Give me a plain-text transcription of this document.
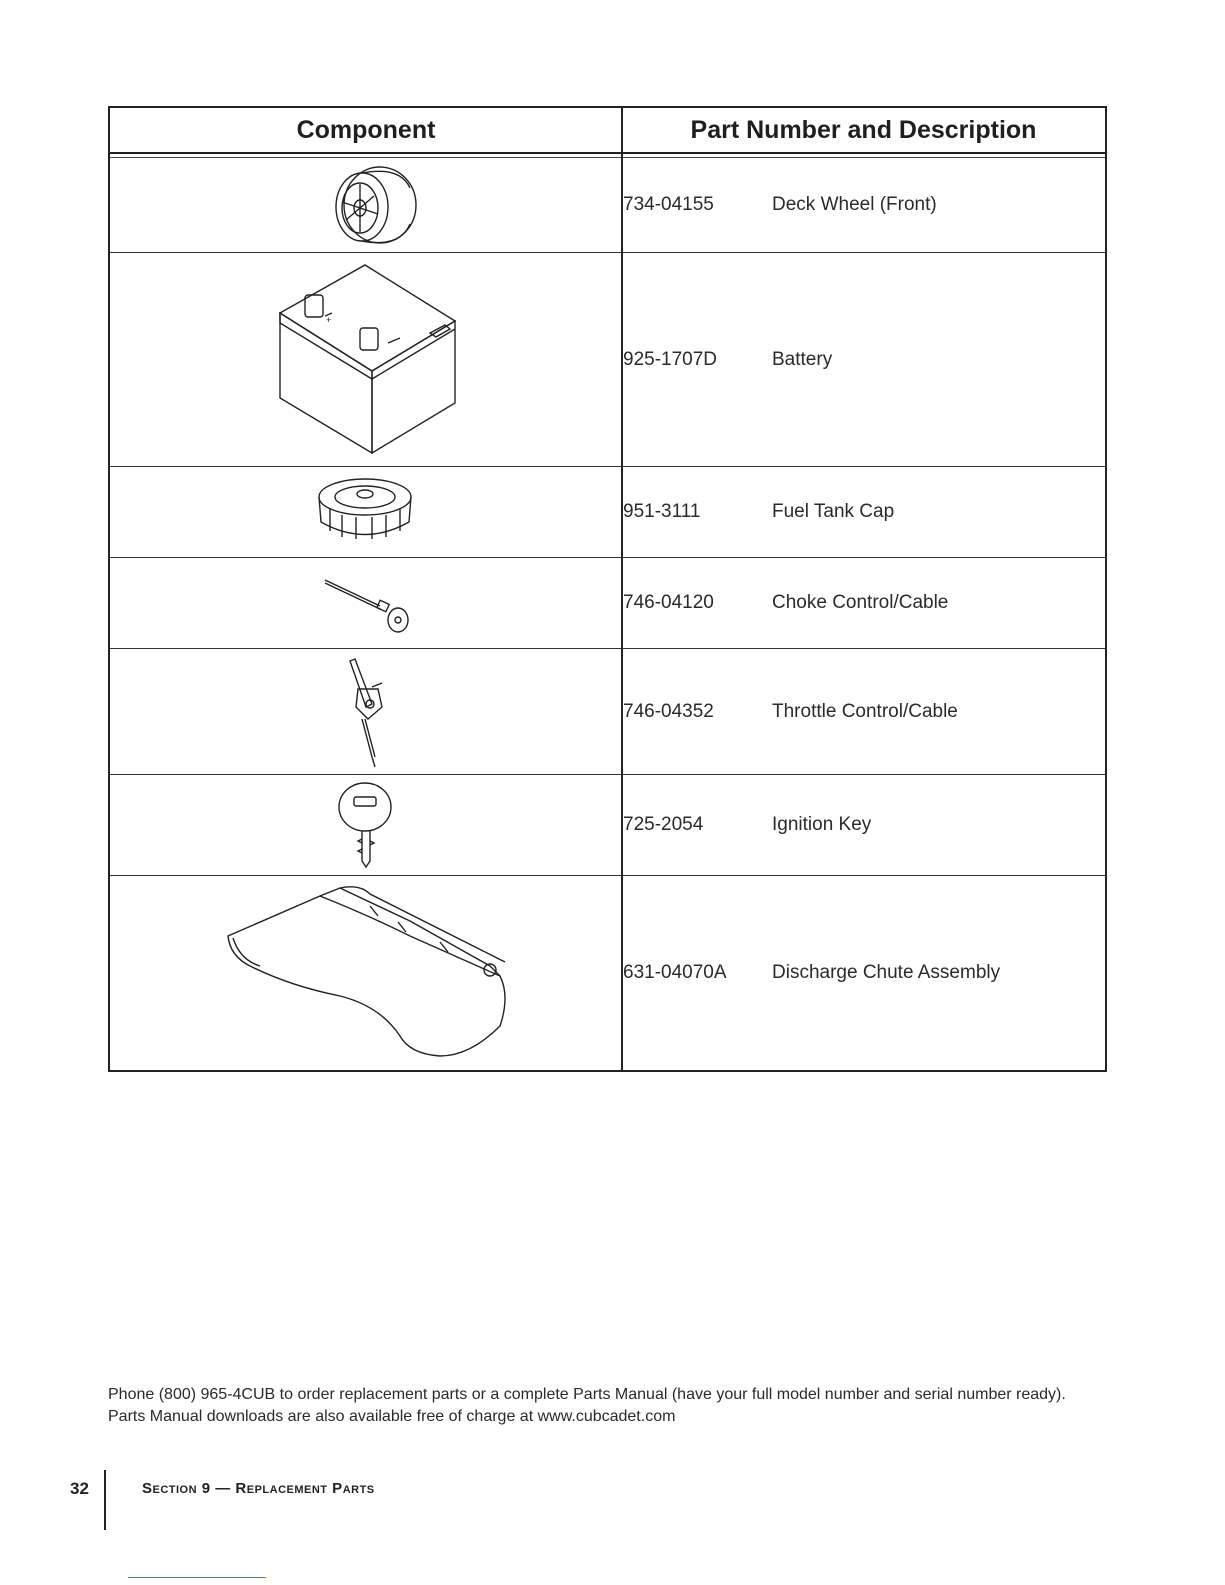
Component	Part Number and Description
734-04155	Deck Wheel (Front)
+
925-1707D	Battery
951-3111	Fuel Tank Cap
746-04120	Choke Control/Cable
746-04352	Throttle Control/Cable
725-2054	Ignition Key
631-04070A	Discharge Chute Assembly
Phone (800) 965-4CUB to order replacement parts or a complete Parts Manual (have your full model number and serial number ready). Parts Manual downloads are also available free of charge at www.cubcadet.com
32	Section 9 — Replacement Parts
